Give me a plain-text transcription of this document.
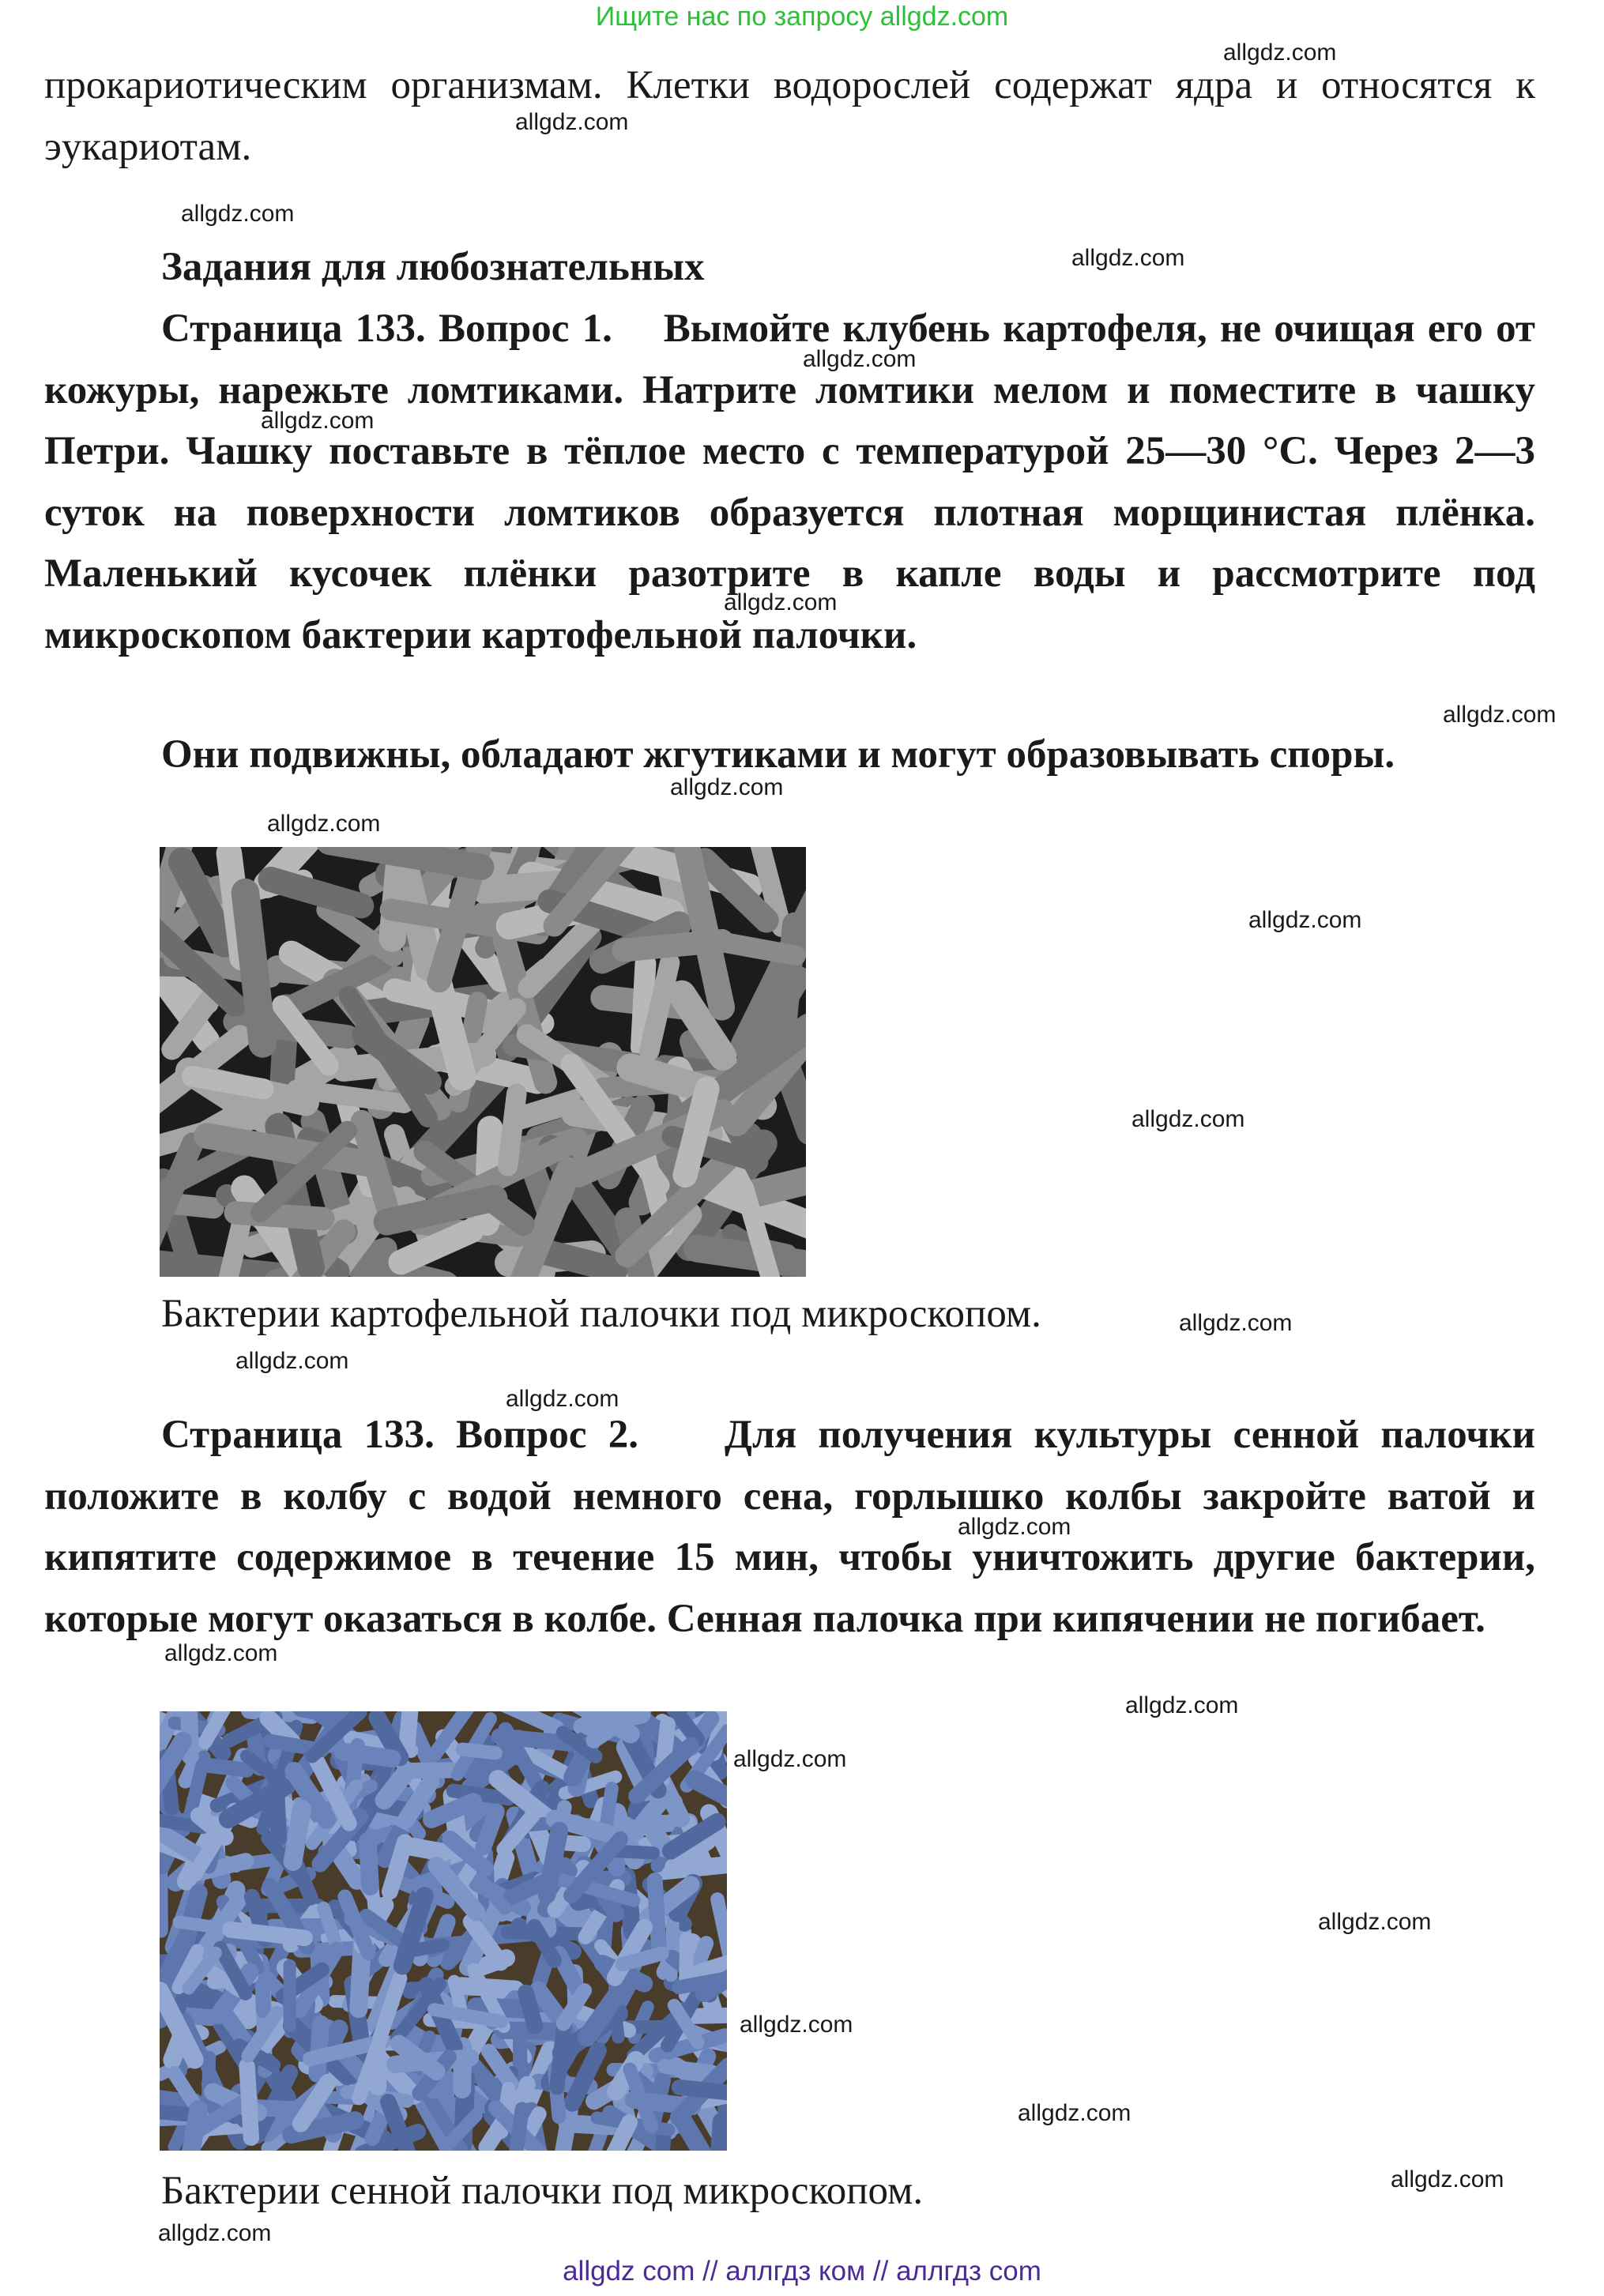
Ищите нас по запросу allgdz.com

прокариотическим организмам. Клетки водорослей содержат ядра и относятся к эукариотам.

Задания для любознательных

Страница 133. Вопрос 1. Вымойте клубень картофеля, не очищая его от кожуры, нарежьте ломтиками. Натрите ломтики мелом и поместите в чашку Петри. Чашку поставьте в тёплое место с температурой 25—30 °С. Через 2—3 суток на поверхности ломтиков образуется плотная морщинистая плёнка. Маленький кусочек плёнки разотрите в капле воды и рассмотрите под микроскопом бактерии картофельной палочки.

Они подвижны, обладают жгутиками и могут образовывать споры.

Бактерии картофельной палочки под микроскопом.

Страница 133. Вопрос 2. Для получения культуры сенной палочки положите в колбу с водой немного сена, горлышко колбы закройте ватой и кипятите содержимое в течение 15 мин, чтобы уничтожить другие бактерии, которые могут оказаться в колбе. Сенная палочка при кипячении не погибает.

Бактерии сенной палочки под микроскопом.
allgdz.com
allgdz.com
allgdz.com
allgdz.com
allgdz.com
allgdz.com
allgdz.com
allgdz.com
allgdz.com
allgdz.com
allgdz.com
allgdz.com
allgdz.com
allgdz.com
allgdz.com
allgdz.com
allgdz.com
allgdz.com
allgdz.com
allgdz.com
allgdz.com
allgdz.com
allgdz.com
allgdz.com
allgdz com // аллгдз ком // аллгдз com
